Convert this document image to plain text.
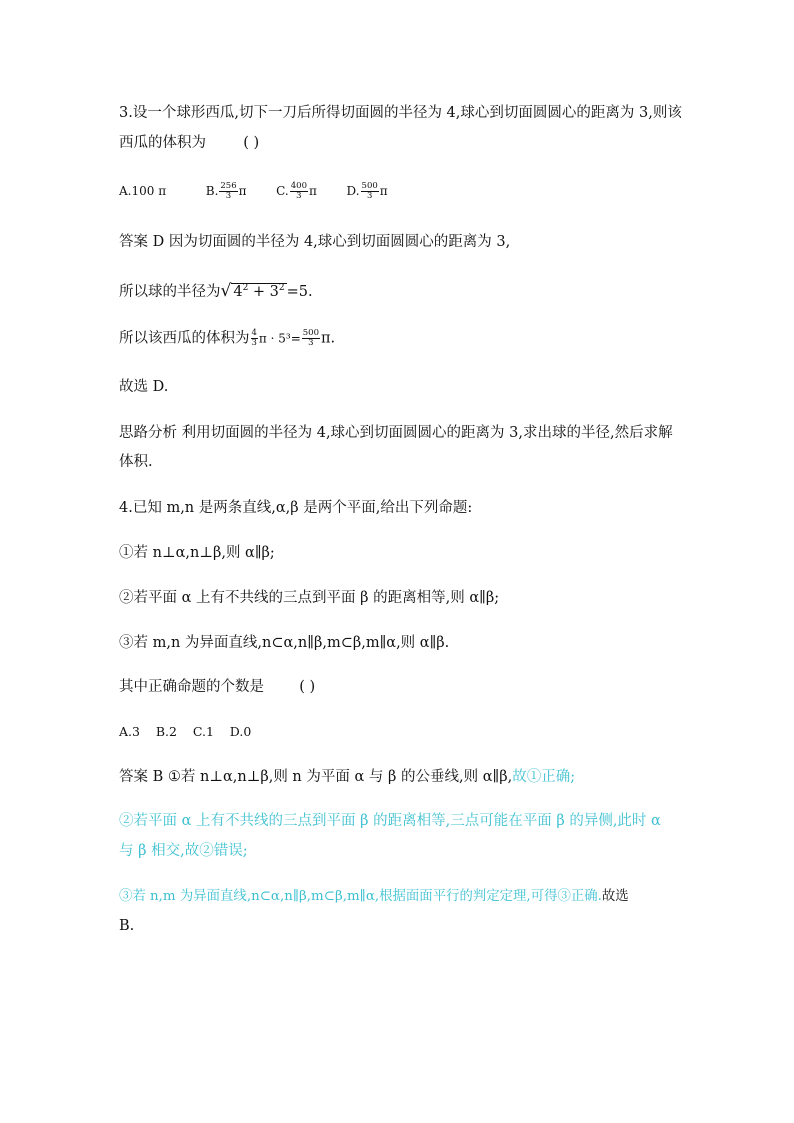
3.设一个球形西瓜,切下一刀后所得切面圆的半径为 4,球心到切面圆圆心的距离为 3,则该
西瓜的体积为	( )
A.100 π	B. $\frac{256}{3}$ π C. $\frac{400}{3}$ π D. $\frac{500}{3}$ π
答案 D 因为切面圆的半径为 4,球心到切面圆圆心的距离为 3,
所以球的半径为√ $4^2 + 3^2 =5$.
所以该西瓜的体积为 $\frac{4}{3}$ $\pi \cdot 5^3= \frac{500}{3} \pi$.
故选 D.
思路分析 利用切面圆的半径为 4,球心到切面圆圆心的距离为 3,求出球的半径,然后求解
体积.
4.已知 m,n 是两条直线,α,β 是两个平面,给出下列命题:
①若 n⊥α,n⊥β,则 α∥β;
②若平面 α 上有不共线的三点到平面 β 的距离相等,则 α∥β;
③若 m,n 为异面直线,n⊂α,n∥β,m⊂β,m∥α,则 α∥β.
其中正确命题的个数是 ( )
A.3    B.2    C.1    D.0
答案 B ①若 n⊥α,n⊥β,则 n 为平面 α 与 β 的公垂线,则 α∥β,故①正确;
②若平面 α 上有不共线的三点到平面 β 的距离相等,三点可能在平面 β 的异侧,此时 α
与 β 相交,故②错误;
③若 n,m 为异面直线,n⊂α,n∥β,m⊂β,m∥α,根据面面平行的判定定理,可得③正确.故选
B.
